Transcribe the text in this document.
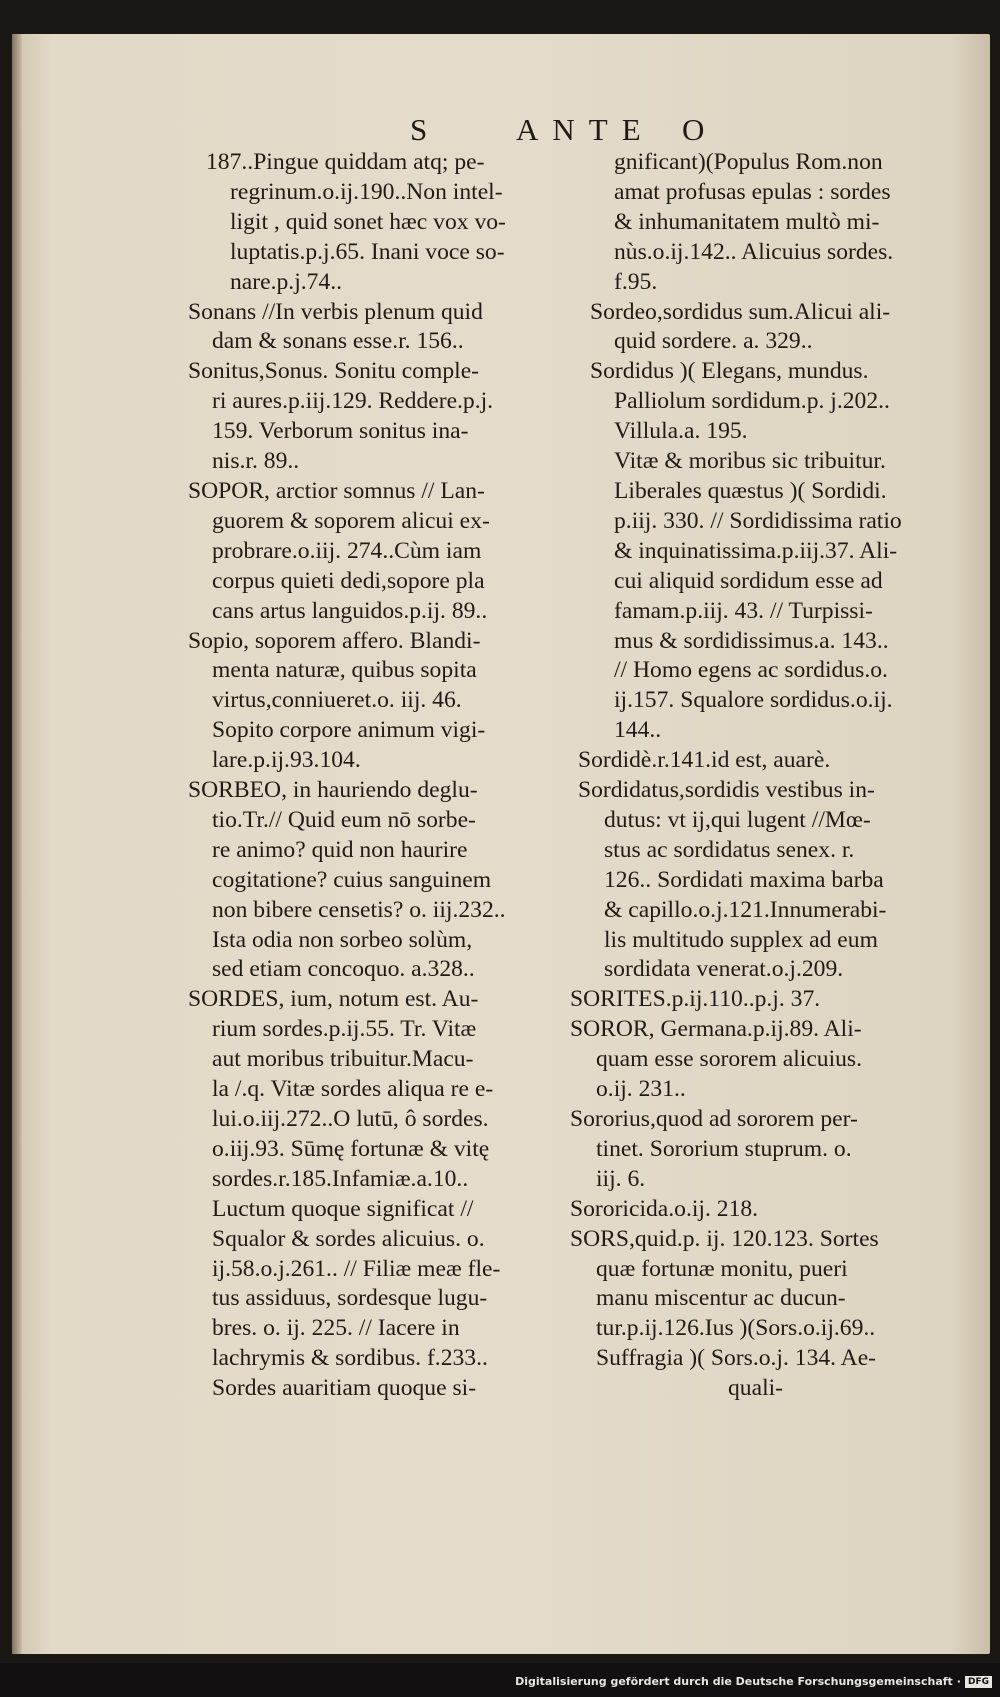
S	ANTE O
187..Pingue quiddam atq; pe-
regrinum.o.ij.190..Non intel-
ligit , quid sonet hæc vox vo-
luptatis.p.j.65. Inani voce so-
nare.p.j.74..
Sonans //In verbis plenum quid
dam & sonans esse.r. 156..
Sonitus,Sonus. Sonitu comple-
ri aures.p.iij.129. Reddere.p.j.
159. Verborum sonitus ina-
nis.r. 89..
SOPOR, arctior somnus // Lan-
guorem & soporem alicui ex-
probrare.o.iij. 274..Cùm iam
corpus quieti dedi,sopore pla
cans artus languidos.p.ij. 89..
Sopio, soporem affero. Blandi-
menta naturæ, quibus sopita
virtus,conniueret.o. iij. 46.
Sopito corpore animum vigi-
lare.p.ij.93.104.
SORBEO, in hauriendo deglu-
tio.Tr.// Quid eum nō sorbe-
re animo? quid non haurire
cogitatione? cuius sanguinem
non bibere censetis? o. iij.232..
Ista odia non sorbeo solùm,
sed etiam concoquo. a.328..
SORDES, ium, notum est. Au-
rium sordes.p.ij.55. Tr. Vitæ
aut moribus tribuitur.Macu-
la /.q. Vitæ sordes aliqua re e-
lui.o.iij.272..O lutū, ô sordes.
o.iij.93. Sūmę fortunæ & vitę
sordes.r.185.Infamiæ.a.10..
Luctum quoque significat //
Squalor & sordes alicuius. o.
ij.58.o.j.261.. // Filiæ meæ fle-
tus assiduus, sordesque lugu-
bres. o. ij. 225. // Iacere in
lachrymis & sordibus. f.233..
Sordes auaritiam quoque si-
gnificant)(Populus Rom.non
amat profusas epulas : sordes
& inhumanitatem multò mi-
nùs.o.ij.142.. Alicuius sordes.
f.95.
Sordeo,sordidus sum.Alicui ali-
quid sordere. a. 329..
Sordidus )( Elegans, mundus.
Palliolum sordidum.p. j.202..
Villula.a. 195.
Vitæ & moribus sic tribuitur.
Liberales quæstus )( Sordidi.
p.iij. 330. // Sordidissima ratio
& inquinatissima.p.iij.37. Ali-
cui aliquid sordidum esse ad
famam.p.iij. 43. // Turpissi-
mus & sordidissimus.a. 143..
// Homo egens ac sordidus.o.
ij.157. Squalore sordidus.o.ij.
144..
Sordidè.r.141.id est, auarè.
Sordidatus,sordidis vestibus in-
dutus: vt ij,qui lugent //Mœ-
stus ac sordidatus senex. r.
126.. Sordidati maxima barba
& capillo.o.j.121.Innumerabi-
lis multitudo supplex ad eum
sordidata venerat.o.j.209.
SORITES.p.ij.110..p.j. 37.
SOROR, Germana.p.ij.89. Ali-
quam esse sororem alicuius.
o.ij. 231..
Sororius,quod ad sororem per-
tinet. Sororium stuprum. o.
iij. 6.
Sororicida.o.ij. 218.
SORS,quid.p. ij. 120.123. Sortes
quæ fortunæ monitu, pueri
manu miscentur ac ducun-
tur.p.ij.126.Ius )(Sors.o.ij.69..
Suffragia )( Sors.o.j. 134. Ae-
quali-
Digitalisierung gefördert durch die Deutsche Forschungsgemeinschaft · DFG
